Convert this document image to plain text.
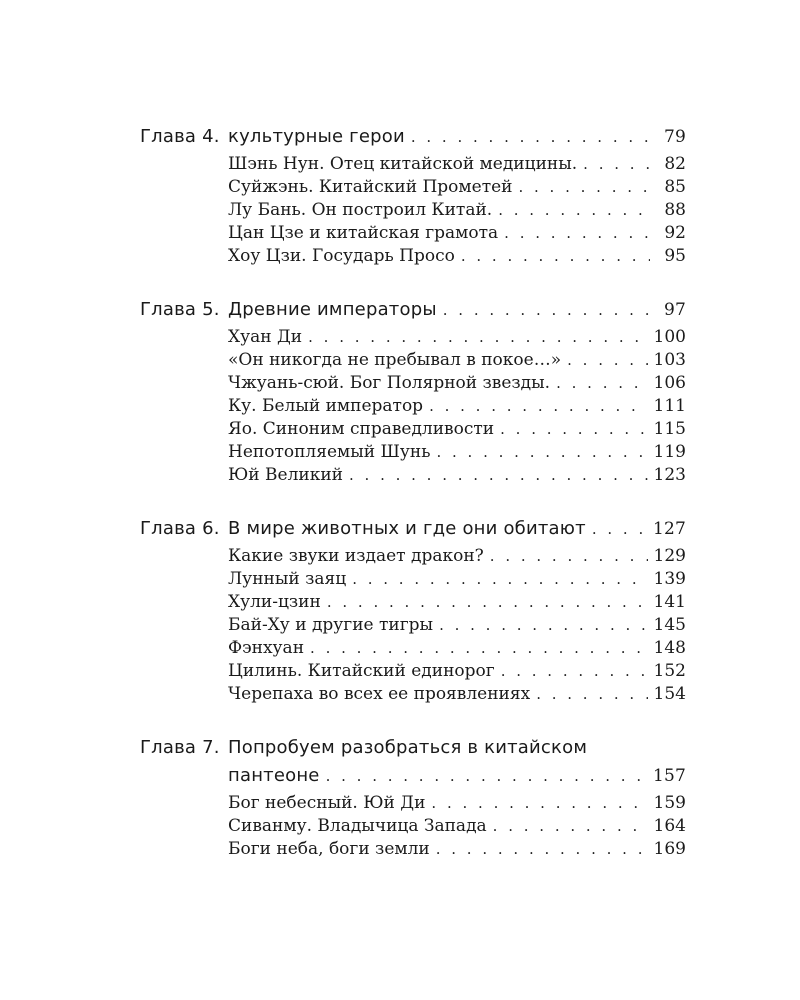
Глава 4. культурные герои . . .	79
Шэнь Нун. Отец китайской медицины. . . .	82
Суйжэнь. Китайский Прометей . . .	85
Лу Бань. Он построил Китай. . . .	88
Цан Цзе и китайская грамота . . .	92
Хоу Цзи. Государь Просо . . .	95
Глава 5. Древние императоры . . .	97
Хуан Ди . . .	100
«Он никогда не пребывал в покое…» . . .	103
Чжуань-сюй. Бог Полярной звезды. . . .	106
Ку. Белый император . . .	111
Яо. Синоним справедливости . . .	115
Непотопляемый Шунь . . .	119
Юй Великий . . .	123
Глава 6. В мире животных и где они обитают . . .	127
Какие звуки издает дракон? . . .	129
Лунный заяц . . .	139
Хули-цзин . . .	141
Бай-Ху и другие тигры . . .	145
Фэнхуан . . .	148
Цилинь. Китайский единорог . . .	152
Черепаха во всех ее проявлениях . . .	154
Глава 7. Попробуем разобраться в китайском
пантеоне . . .	157
Бог небесный. Юй Ди . . .	159
Сиванму. Владычица Запада . . .	164
Боги неба, боги земли . . .	169
